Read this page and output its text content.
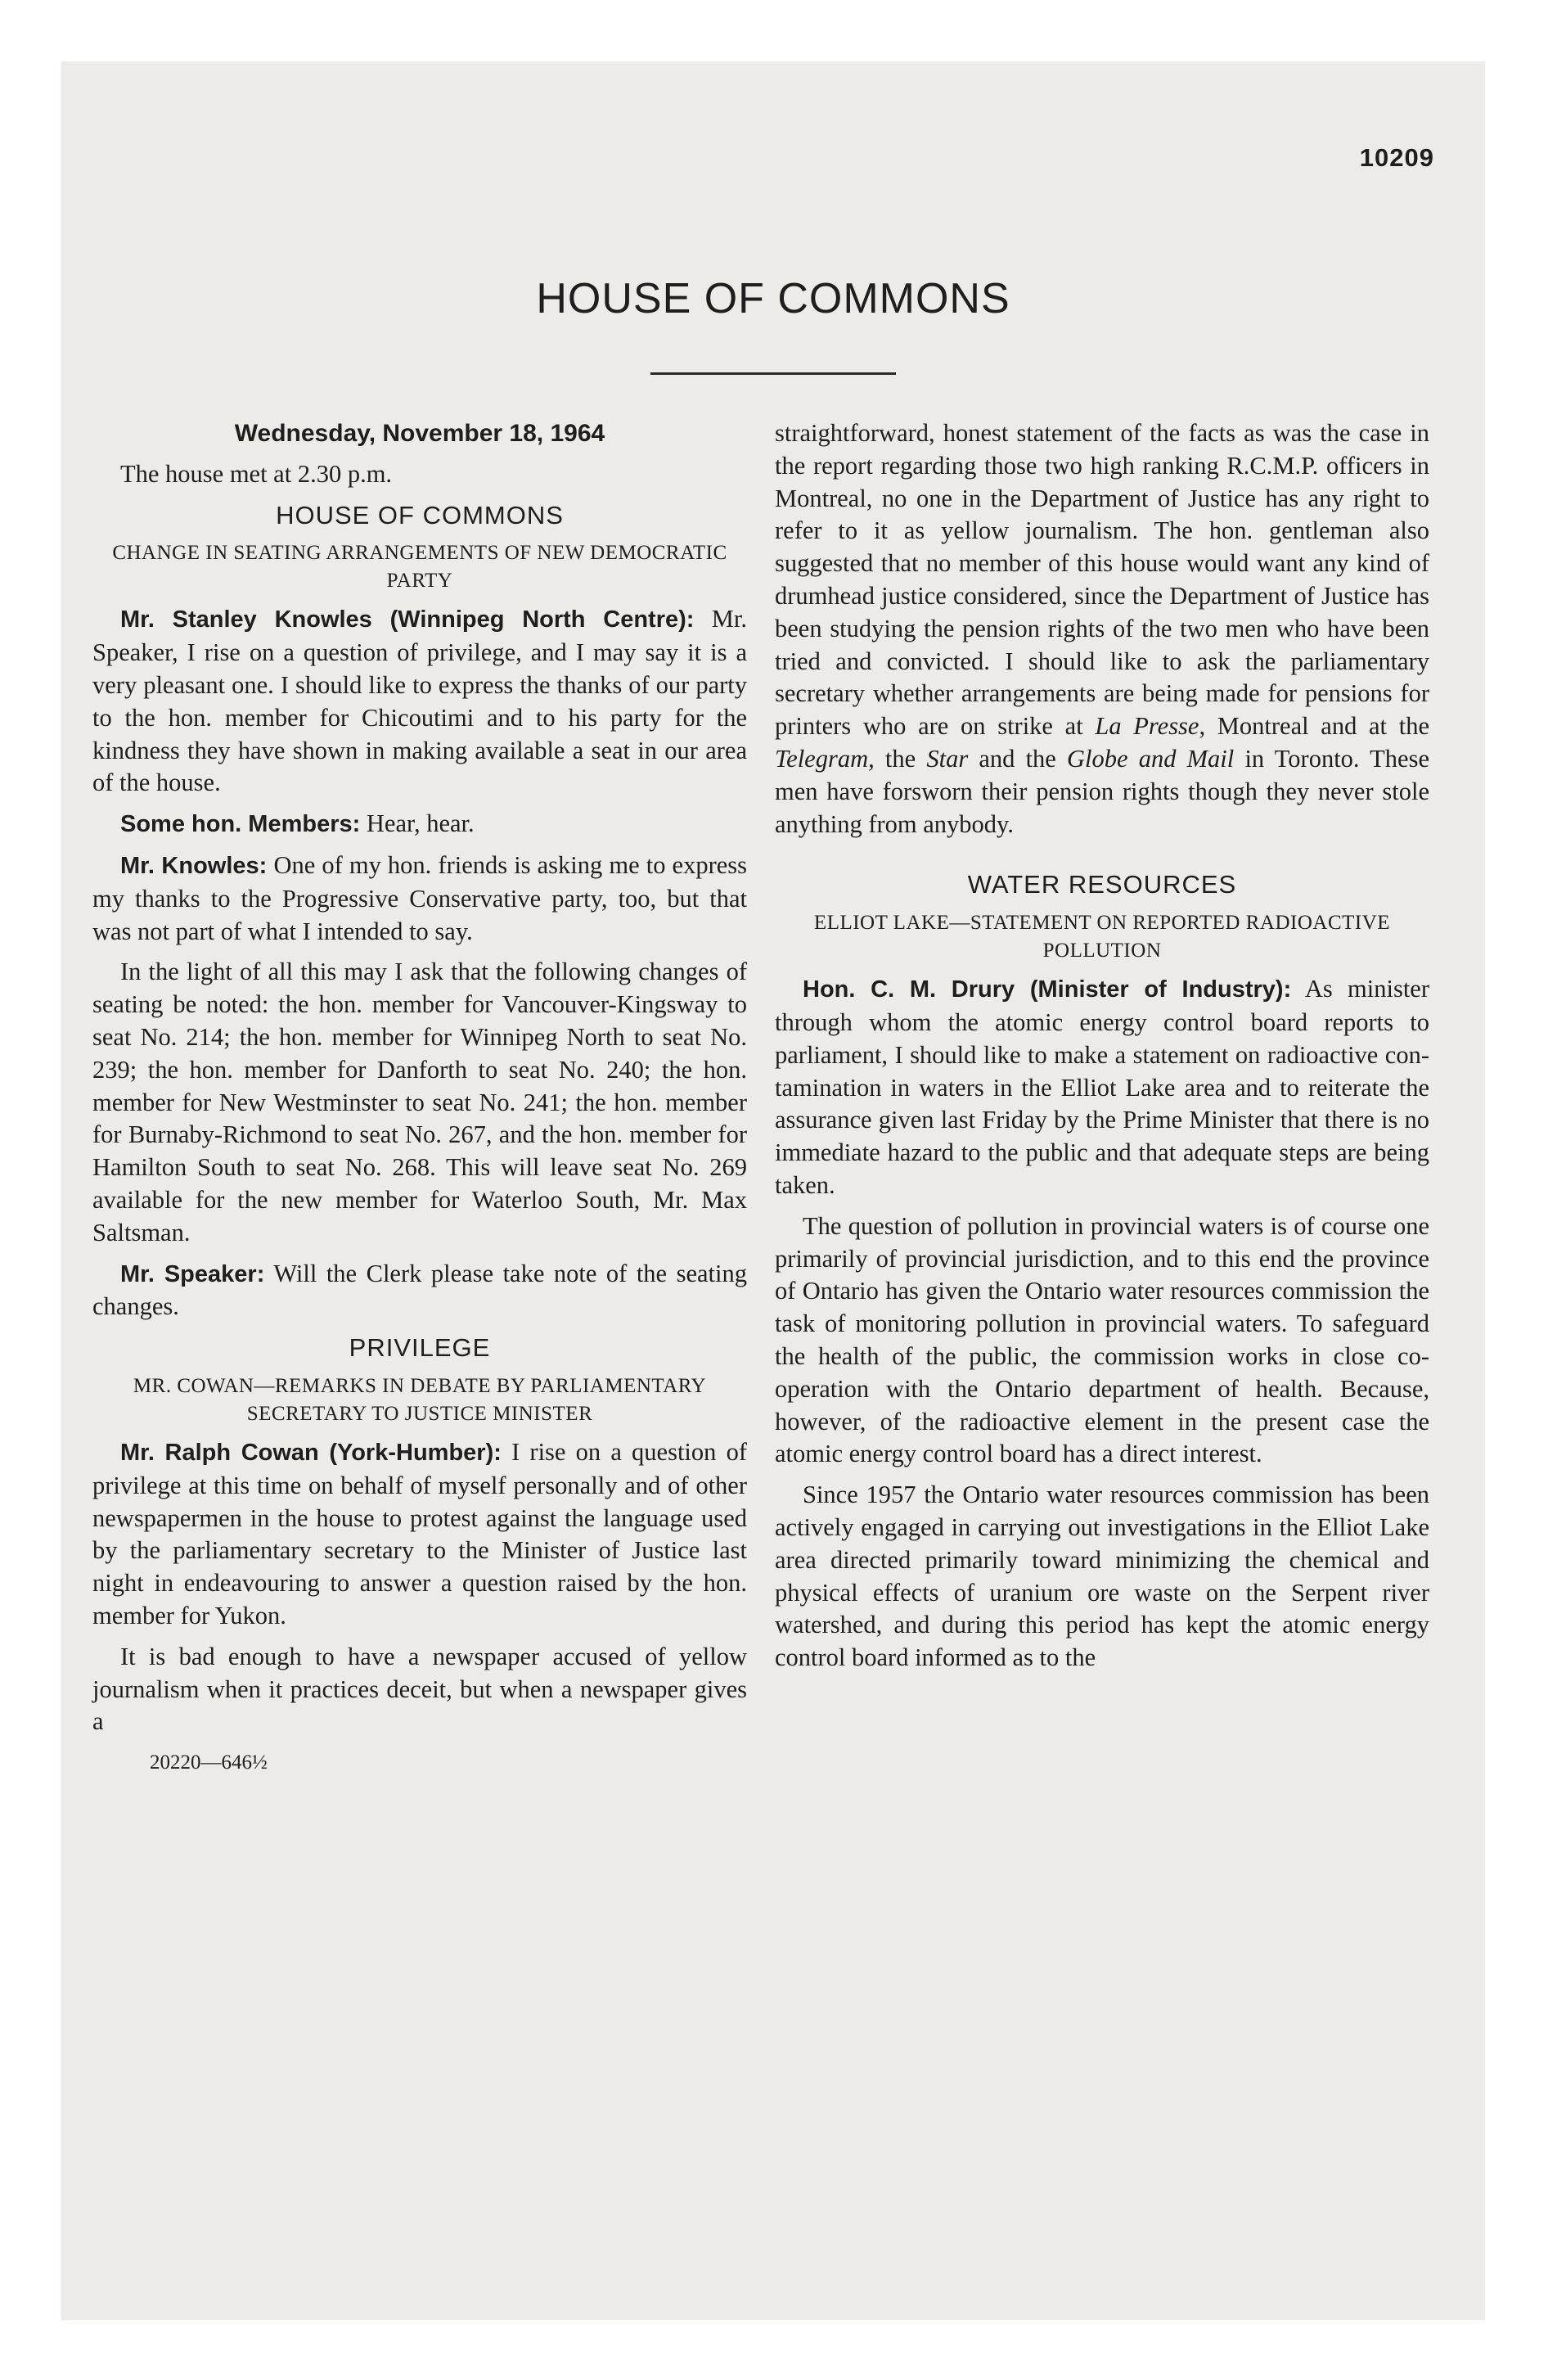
10209
HOUSE OF COMMONS

Wednesday, November 18, 1964

The house met at 2.30 p.m.

HOUSE OF COMMONS

CHANGE IN SEATING ARRANGEMENTS OF NEW DEMOCRATIC PARTY

Mr. Stanley Knowles (Winnipeg North Centre): Mr. Speaker, I rise on a question of privilege, and I may say it is a very pleasant one. I should like to express the thanks of our party to the hon. member for Chicoutimi and to his party for the kindness they have shown in making available a seat in our area of the house.

Some hon. Members: Hear, hear.

Mr. Knowles: One of my hon. friends is asking me to express my thanks to the Progressive Conservative party, too, but that was not part of what I intended to say.

In the light of all this may I ask that the following changes of seating be noted: the hon. member for Vancouver-Kingsway to seat No. 214; the hon. member for Winnipeg North to seat No. 239; the hon. member for Danforth to seat No. 240; the hon. member for New Westminster to seat No. 241; the hon. member for Burnaby-Richmond to seat No. 267, and the hon. member for Hamilton South to seat No. 268. This will leave seat No. 269 available for the new member for Waterloo South, Mr. Max Saltsman.

Mr. Speaker: Will the Clerk please take note of the seating changes.

PRIVILEGE

MR. COWAN—REMARKS IN DEBATE BY PARLIAMENTARY SECRETARY TO JUSTICE MINISTER

Mr. Ralph Cowan (York-Humber): I rise on a question of privilege at this time on behalf of myself personally and of other newspapermen in the house to protest against the language used by the parliamentary secretary to the Minister of Justice last night in endeavouring to answer a question raised by the hon. member for Yukon.

It is bad enough to have a newspaper accused of yellow journalism when it practices deceit, but when a newspaper gives a

20220—646½

straightforward, honest statement of the facts as was the case in the report regarding those two high ranking R.C.M.P. officers in Montreal, no one in the Department of Justice has any right to refer to it as yellow journalism. The hon. gentleman also suggested that no member of this house would want any kind of drumhead justice considered, since the Department of Justice has been studying the pension rights of the two men who have been tried and convicted. I should like to ask the parliamentary secretary whether arrangements are being made for pensions for printers who are on strike at La Presse, Montreal and at the Telegram, the Star and the Globe and Mail in Toronto. These men have forsworn their pension rights though they never stole anything from anybody.

WATER RESOURCES

ELLIOT LAKE—STATEMENT ON REPORTED RADIOACTIVE POLLUTION

Hon. C. M. Drury (Minister of Industry): As minister through whom the atomic energy control board reports to parliament, I should like to make a statement on radioactive contamination in waters in the Elliot Lake area and to reiterate the assurance given last Friday by the Prime Minister that there is no immediate hazard to the public and that adequate steps are being taken.

The question of pollution in provincial waters is of course one primarily of provincial jurisdiction, and to this end the province of Ontario has given the Ontario water resources commission the task of monitoring pollution in provincial waters. To safeguard the health of the public, the commission works in close co-operation with the Ontario department of health. Because, however, of the radioactive element in the present case the atomic energy control board has a direct interest.

Since 1957 the Ontario water resources commission has been actively engaged in carrying out investigations in the Elliot Lake area directed primarily toward minimizing the chemical and physical effects of uranium ore waste on the Serpent river watershed, and during this period has kept the atomic energy control board informed as to the
